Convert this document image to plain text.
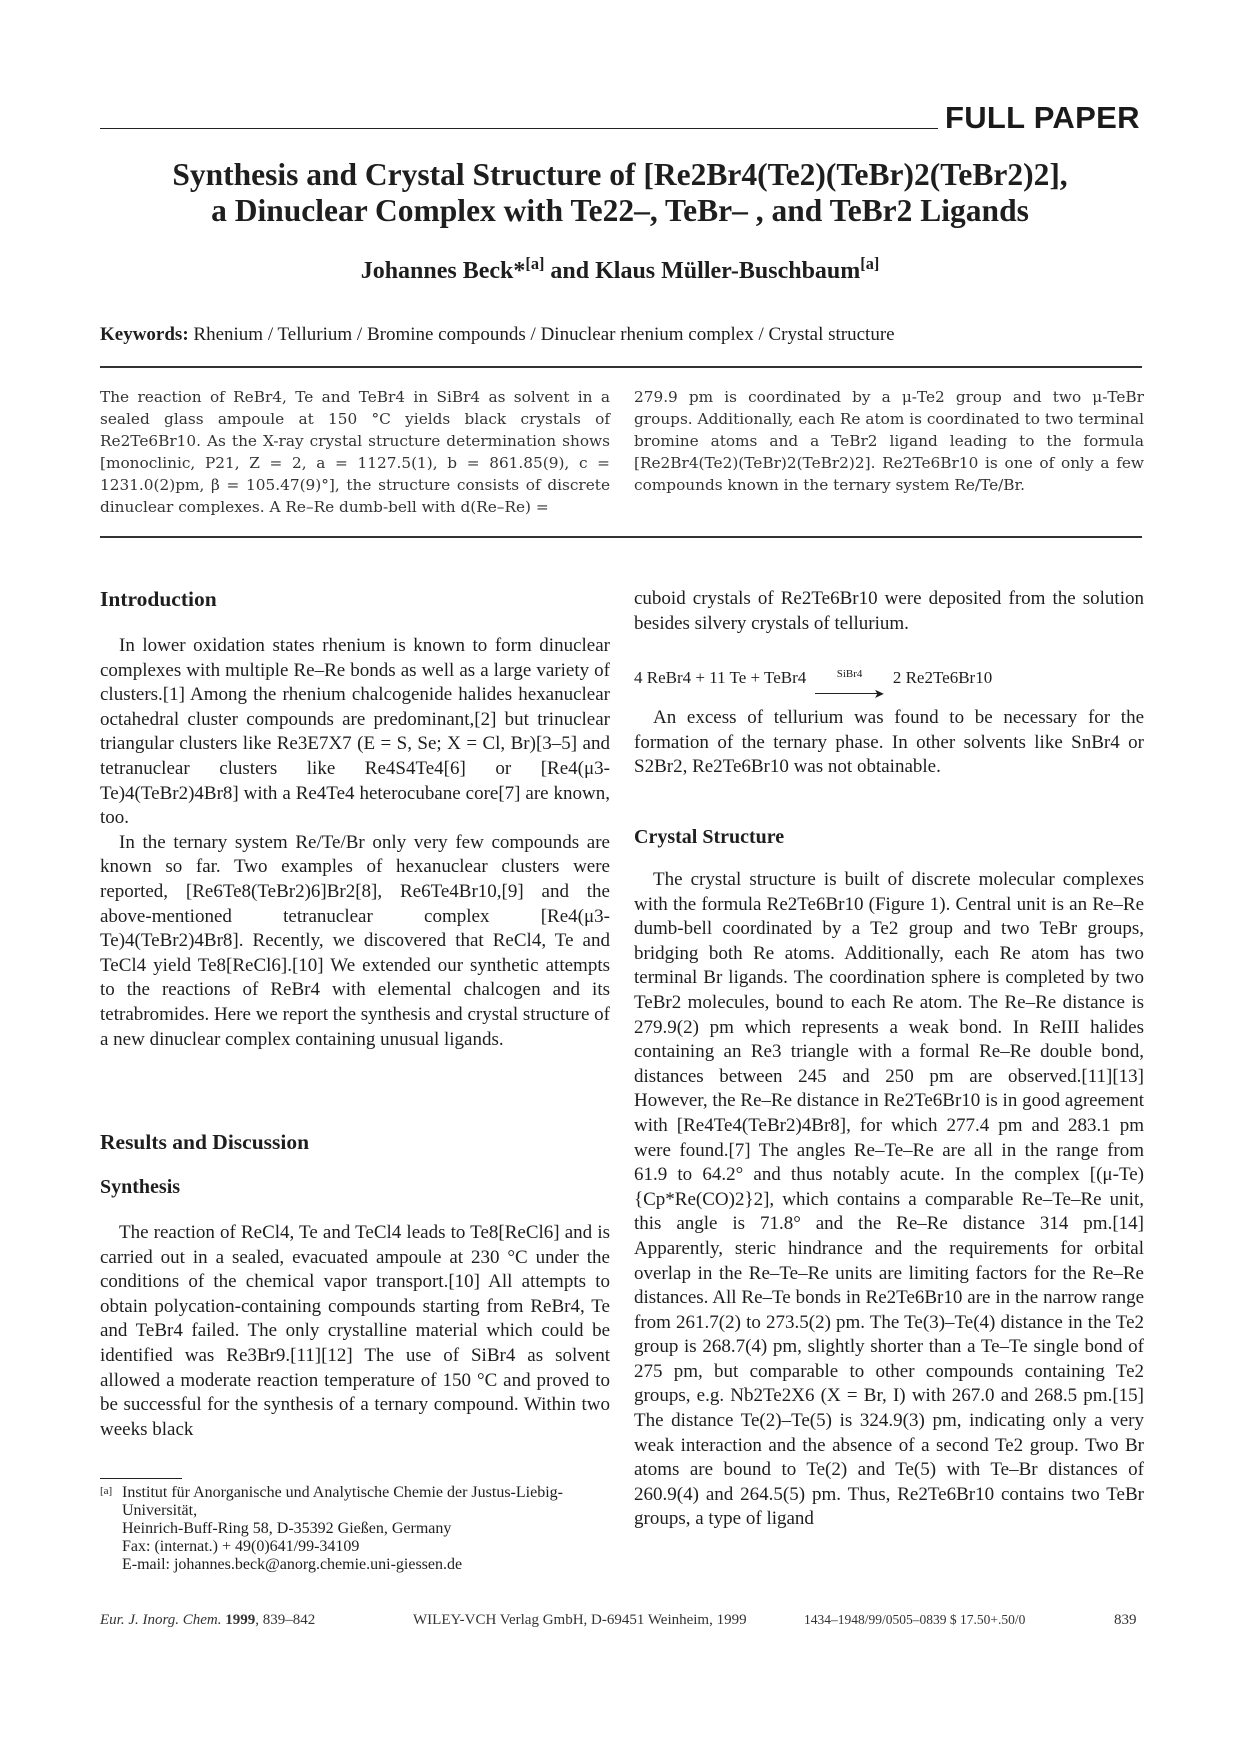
FULL PAPER
Synthesis and Crystal Structure of [Re2Br4(Te2)(TeBr)2(TeBr2)2],
a Dinuclear Complex with Te22–, TeBr– , and TeBr2 Ligands
Johannes Beck*[a] and Klaus Müller-Buschbaum[a]
Keywords: Rhenium / Tellurium / Bromine compounds / Dinuclear rhenium complex / Crystal structure
The reaction of ReBr4, Te and TeBr4 in SiBr4 as solvent in a sealed glass ampoule at 150 °C yields black crystals of Re2Te6Br10. As the X-ray crystal structure determination shows [monoclinic, P21, Z = 2, a = 1127.5(1), b = 861.85(9), c = 1231.0(2)pm, β = 105.47(9)°], the structure consists of discrete dinuclear complexes. A Re–Re dumb-bell with d(Re–Re) =
279.9 pm is coordinated by a μ-Te2 group and two μ-TeBr groups. Additionally, each Re atom is coordinated to two terminal bromine atoms and a TeBr2 ligand leading to the formula [Re2Br4(Te2)(TeBr)2(TeBr2)2]. Re2Te6Br10 is one of only a few compounds known in the ternary system Re/Te/Br.
Introduction

In lower oxidation states rhenium is known to form dinuclear complexes with multiple Re–Re bonds as well as a large variety of clusters.[1] Among the rhenium chalcogenide halides hexanuclear octahedral cluster compounds are predominant,[2] but trinuclear triangular clusters like Re3E7X7 (E = S, Se; X = Cl, Br)[3–5] and tetranuclear clusters like Re4S4Te4[6] or [Re4(μ3-Te)4(TeBr2)4Br8] with a Re4Te4 heterocubane core[7] are known, too.

In the ternary system Re/Te/Br only very few compounds are known so far. Two examples of hexanuclear clusters were reported, [Re6Te8(TeBr2)6]Br2[8], Re6Te4Br10,[9] and the above-mentioned tetranuclear complex [Re4(μ3-Te)4(TeBr2)4Br8]. Recently, we discovered that ReCl4, Te and TeCl4 yield Te8[ReCl6].[10] We extended our synthetic attempts to the reactions of ReBr4 with elemental chalcogen and its tetrabromides. Here we report the synthesis and crystal structure of a new dinuclear complex containing unusual ligands.

Results and Discussion
Synthesis

The reaction of ReCl4, Te and TeCl4 leads to Te8[ReCl6] and is carried out in a sealed, evacuated ampoule at 230 °C under the conditions of the chemical vapor transport.[10] All attempts to obtain polycation-containing compounds starting from ReBr4, Te and TeBr4 failed. The only crystalline material which could be identified was Re3Br9.[11][12] The use of SiBr4 as solvent allowed a moderate reaction temperature of 150 °C and proved to be successful for the synthesis of a ternary compound. Within two weeks black

[a] Institut für Anorganische und Analytische Chemie der Justus-Liebig-Universität,
Heinrich-Buff-Ring 58, D-35392 Gießen, Germany
Fax: (internat.) + 49(0)641/99-34109
E-mail: johannes.beck@anorg.chemie.uni-giessen.de

cuboid crystals of Re2Te6Br10 were deposited from the solution besides silvery crystals of tellurium.

4 ReBr4 + 11 Te + TeBr4	SiBr4
➤
2 Re2Te6Br10

An excess of tellurium was found to be necessary for the formation of the ternary phase. In other solvents like SnBr4 or S2Br2, Re2Te6Br10 was not obtainable.

Crystal Structure

The crystal structure is built of discrete molecular complexes with the formula Re2Te6Br10 (Figure 1). Central unit is an Re–Re dumb-bell coordinated by a Te2 group and two TeBr groups, bridging both Re atoms. Additionally, each Re atom has two terminal Br ligands. The coordination sphere is completed by two TeBr2 molecules, bound to each Re atom. The Re–Re distance is 279.9(2) pm which represents a weak bond. In ReIII halides containing an Re3 triangle with a formal Re–Re double bond, distances between 245 and 250 pm are observed.[11][13] However, the Re–Re distance in Re2Te6Br10 is in good agreement with [Re4Te4(TeBr2)4Br8], for which 277.4 pm and 283.1 pm were found.[7] The angles Re–Te–Re are all in the range from 61.9 to 64.2° and thus notably acute. In the complex [(μ-Te){Cp*Re(CO)2}2], which contains a comparable Re–Te–Re unit, this angle is 71.8° and the Re–Re distance 314 pm.[14] Apparently, steric hindrance and the requirements for orbital overlap in the Re–Te–Re units are limiting factors for the Re–Re distances. All Re–Te bonds in Re2Te6Br10 are in the narrow range from 261.7(2) to 273.5(2) pm. The Te(3)–Te(4) distance in the Te2 group is 268.7(4) pm, slightly shorter than a Te–Te single bond of 275 pm, but comparable to other compounds containing Te2 groups, e.g. Nb2Te2X6 (X = Br, I) with 267.0 and 268.5 pm.[15] The distance Te(2)–Te(5) is 324.9(3) pm, indicating only a very weak interaction and the absence of a second Te2 group. Two Br atoms are bound to Te(2) and Te(5) with Te–Br distances of 260.9(4) and 264.5(5) pm. Thus, Re2Te6Br10 contains two TeBr groups, a type of ligand

Eur. J. Inorg. Chem. 1999, 839–842	WILEY-VCH Verlag GmbH, D-69451 Weinheim, 1999	1434–1948/99/0505–0839 $ 17.50+.50/0	839
